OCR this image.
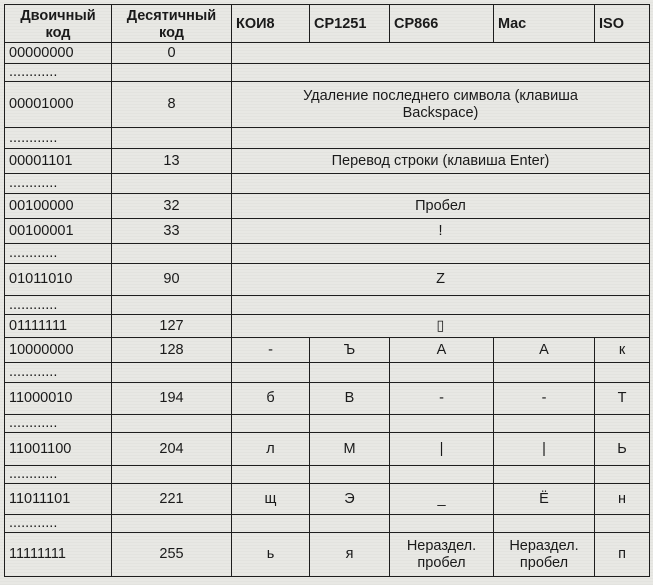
Двоичный код	Десятичный код	КОИ8	CP1251	CP866	Mac	ISO
00000000	0					
............						
00001000	8	Удаление последнего символа (клавиша Backspace)				
............						
00001101	13	Перевод строки (клавиша Enter)				
............						
00100000	32	Пробел				
00100001	33	!				
............						
01011010	90	Z				
............						
01111111	127	▯				
10000000	128	-	Ъ	А	А	к
............						
11000010	194	б	В	-	-	Т
............						
11001100	204	л	М	|	|	Ь
............						
11011101	221	щ	Э	_	Ё	н
............						
11111111	255	ь	я	Нераздел. пробел	Нераздел. пробел	п
